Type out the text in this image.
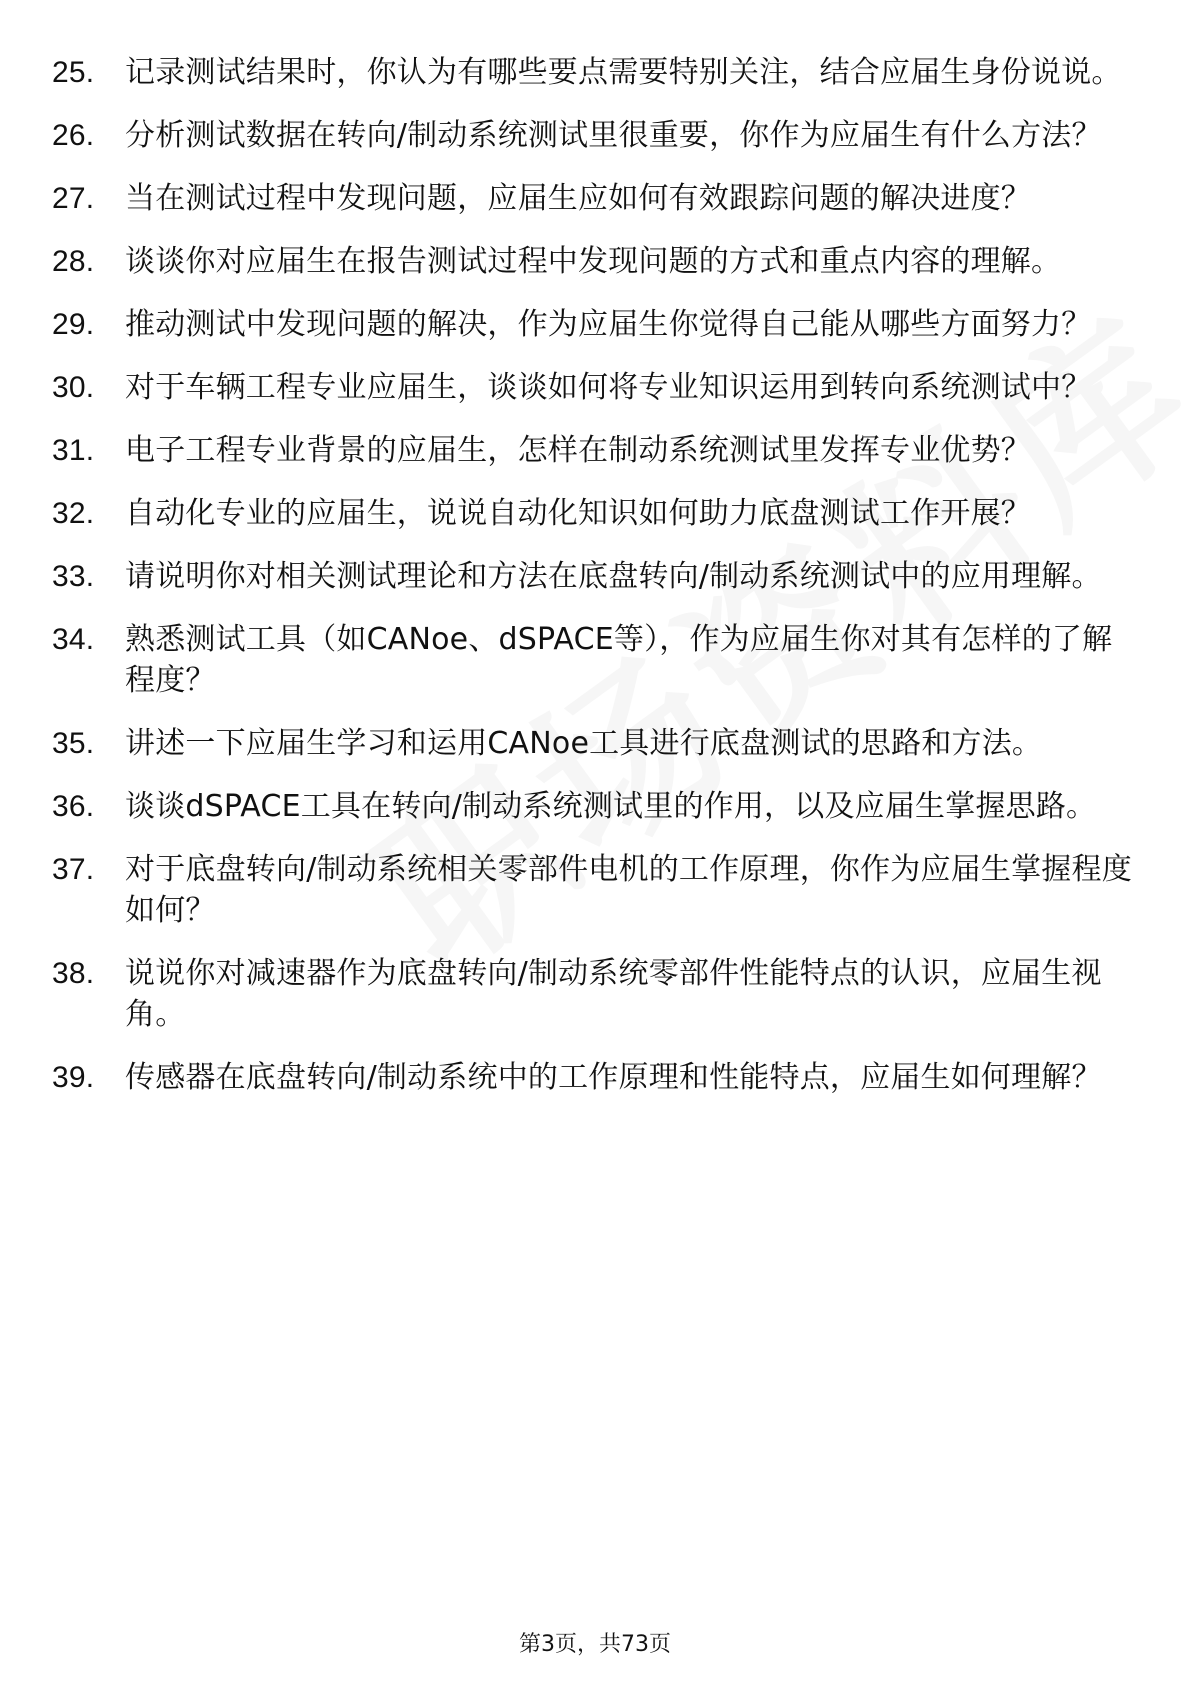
25.	记录测试结果时，你认为有哪些要点需要特别关注，结合应届生身份说说。
26.	分析测试数据在转向/制动系统测试里很重要，你作为应届生有什么方法？
27.	当在测试过程中发现问题，应届生应如何有效跟踪问题的解决进度？
28.	谈谈你对应届生在报告测试过程中发现问题的方式和重点内容的理解。
29.	推动测试中发现问题的解决，作为应届生你觉得自己能从哪些方面努力？
30.	对于车辆工程专业应届生，谈谈如何将专业知识运用到转向系统测试中？
31.	电子工程专业背景的应届生，怎样在制动系统测试里发挥专业优势？
32.	自动化专业的应届生，说说自动化知识如何助力底盘测试工作开展？
33.	请说明你对相关测试理论和方法在底盘转向/制动系统测试中的应用理解。
34.	熟悉测试工具（如CANoe、dSPACE等），作为应届生你对其有怎样的了解程度？
35.	讲述一下应届生学习和运用CANoe工具进行底盘测试的思路和方法。
36.	谈谈dSPACE工具在转向/制动系统测试里的作用，以及应届生掌握思路。
37.	对于底盘转向/制动系统相关零部件电机的工作原理，你作为应届生掌握程度如何？
38.	说说你对减速器作为底盘转向/制动系统零部件性能特点的认识，应届生视角。
39.	传感器在底盘转向/制动系统中的工作原理和性能特点，应届生如何理解？
第3页，共73页
